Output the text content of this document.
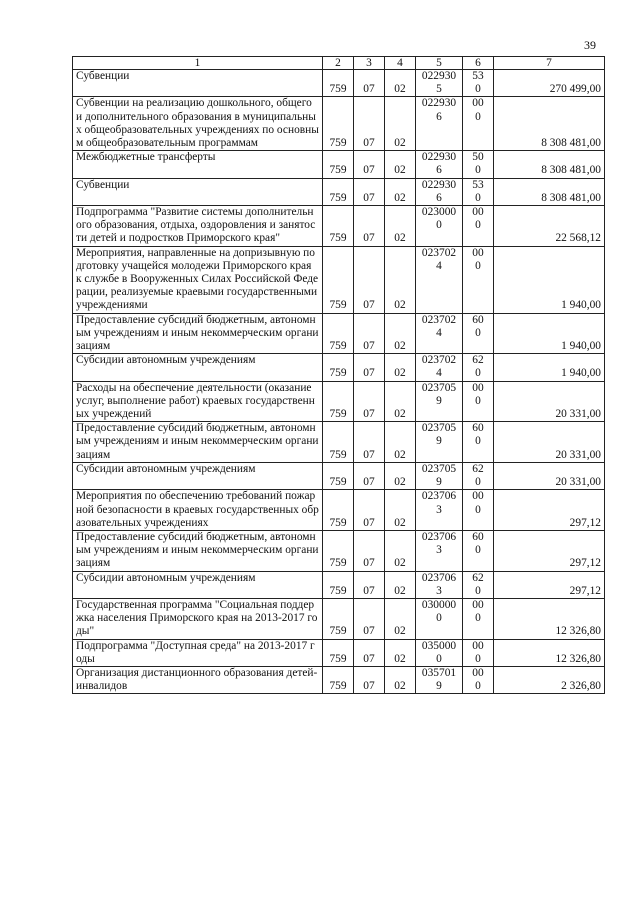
39
1	2	3	4	5	6	7

Субвенции	759	07	02	0229305	530	270 499,00

Субвенции на реализацию дошкольного, общего и дополнительного образования в муниципальных общеобразовательных учреждениях по основным общеобразовательным программам	759	07	02	0229306	000	8 308 481,00

Межбюджетные трансферты	759	07	02	0229306	500	8 308 481,00

Субвенции	759	07	02	0229306	530	8 308 481,00

Подпрограмма "Развитие системы дополнительного образования, отдыха, оздоровления и занятости детей и подростков Приморского края"	759	07	02	0230000	000	22 568,12

Мероприятия, направленные на допризывную подготовку учащейся молодежи Приморского края к службе в Вооруженных Силах Российской Федерации, реализуемые краевыми государственными учреждениями	759	07	02	0237024	000	1 940,00

Предоставление субсидий бюджетным, автономным учреждениям и иным некоммерческим организациям	759	07	02	0237024	600	1 940,00

Субсидии автономным учреждениям	759	07	02	0237024	620	1 940,00

Расходы на обеспечение деятельности (оказание услуг, выполнение работ) краевых государственных учреждений	759	07	02	0237059	000	20 331,00

Предоставление субсидий бюджетным, автономным учреждениям и иным некоммерческим организациям	759	07	02	0237059	600	20 331,00

Субсидии автономным учреждениям	759	07	02	0237059	620	20 331,00

Мероприятия по обеспечению требований пожарной безопасности в краевых государственных образовательных учреждениях	759	07	02	0237063	000	297,12

Предоставление субсидий бюджетным, автономным учреждениям и иным некоммерческим организациям	759	07	02	0237063	600	297,12

Субсидии автономным учреждениям	759	07	02	0237063	620	297,12

Государственная программа "Социальная поддержка населения Приморского края на 2013-2017 годы"	759	07	02	0300000	000	12 326,80

Подпрограмма "Доступная среда" на 2013-2017 годы	759	07	02	0350000	000	12 326,80

Организация дистанционного образования детей-инвалидов	759	07	02	0357019	000	2 326,80
